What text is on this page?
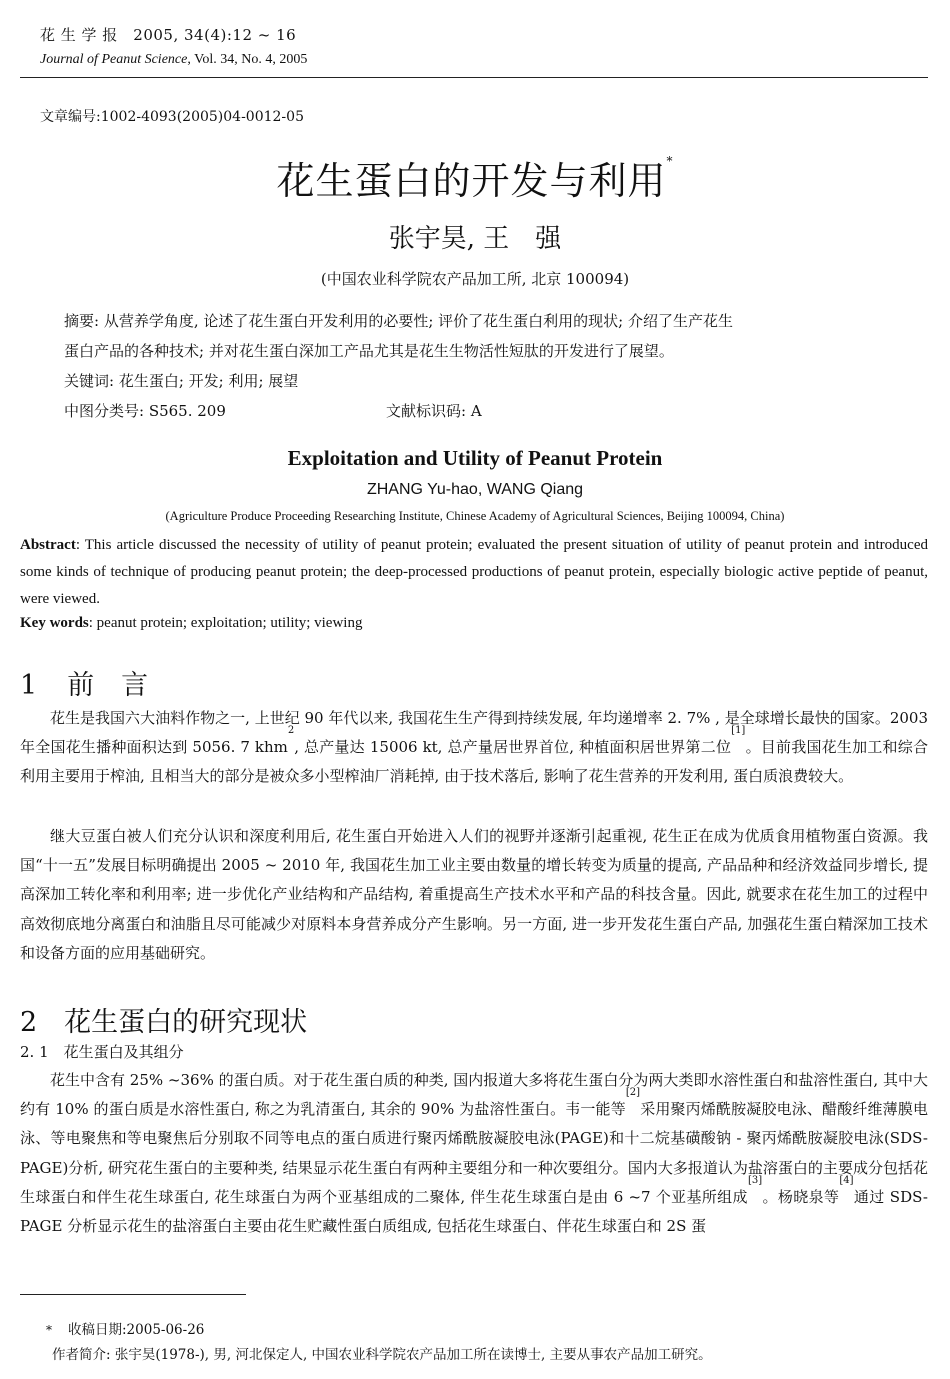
花 生 学 报　2005, 34(4):12 ~ 16
Journal of Peanut Science, Vol. 34, No. 4, 2005
文章编号:1002-4093(2005)04-0012-05
花生蛋白的开发与利用*
张宇昊, 王　强
(中国农业科学院农产品加工所, 北京 100094)
摘要: 从营养学角度, 论述了花生蛋白开发利用的必要性; 评价了花生蛋白利用的现状; 介绍了生产花生
蛋白产品的各种技术; 并对花生蛋白深加工产品尤其是花生生物活性短肽的开发进行了展望。
关键词: 花生蛋白; 开发; 利用; 展望
中图分类号: S565. 209	文献标识码: A
Exploitation and Utility of Peanut Protein
ZHANG Yu-hao, WANG Qiang
(Agriculture Produce Proceeding Researching Institute, Chinese Academy of Agricultural Sciences, Beijing 100094, China)
Abstract: This article discussed the necessity of utility of peanut protein; evaluated the present situation of utility of peanut protein and introduced some kinds of technique of producing peanut protein; the deep-processed productions of peanut protein, especially biologic active peptide of peanut, were viewed.
Key words: peanut protein; exploitation; utility; viewing
1 前　言
花生是我国六大油料作物之一, 上世纪 90 年代以来, 我国花生生产得到持续发展, 年均递增率 2. 7% , 是全球增长最快的国家。2003 年全国花生播种面积达到 5056. 7 khm$^2$, 总产量达 15006 kt, 总产量居世界首位, 种植面积居世界第二位[1]。目前我国花生加工和综合利用主要用于榨油, 且相当大的部分是被众多小型榨油厂消耗掉, 由于技术落后, 影响了花生营养的开发利用, 蛋白质浪费较大。
继大豆蛋白被人们充分认识和深度利用后, 花生蛋白开始进入人们的视野并逐渐引起重视, 花生正在成为优质食用植物蛋白资源。我国“十一五”发展目标明确提出 2005 ~ 2010 年, 我国花生加工业主要由数量的增长转变为质量的提高, 产品品种和经济效益同步增长, 提高深加工转化率和利用率; 进一步优化产业结构和产品结构, 着重提高生产技术水平和产品的科技含量。因此, 就要求在花生加工的过程中高效彻底地分离蛋白和油脂且尽可能减少对原料本身营养成分产生影响。另一方面, 进一步开发花生蛋白产品, 加强花生蛋白精深加工技术和设备方面的应用基础研究。
2　花生蛋白的研究现状
2. 1　花生蛋白及其组分
花生中含有 25% ~36% 的蛋白质。对于花生蛋白质的种类, 国内报道大多将花生蛋白分为两大类即水溶性蛋白和盐溶性蛋白, 其中大约有 10% 的蛋白质是水溶性蛋白, 称之为乳清蛋白, 其余的 90% 为盐溶性蛋白。韦一能等[2]采用聚丙烯酰胺凝胶电泳、醋酸纤维薄膜电泳、等电聚焦和等电聚焦后分别取不同等电点的蛋白质进行聚丙烯酰胺凝胶电泳(PAGE)和十二烷基磺酸钠 - 聚丙烯酰胺凝胶电泳(SDS-PAGE)分析, 研究花生蛋白的主要种类, 结果显示花生蛋白有两种主要组分和一种次要组分。国内大多报道认为盐溶蛋白的主要成分包括花生球蛋白和伴生花生球蛋白, 花生球蛋白为两个亚基组成的二聚体, 伴生花生球蛋白是由 6 ~7 个亚基所组成[3]。杨晓泉等[4]通过 SDS-PAGE 分析显示花生的盐溶蛋白主要由花生贮藏性蛋白质组成, 包括花生球蛋白、伴花生球蛋白和 2S 蛋
* 收稿日期:2005-06-26
作者简介: 张宇昊(1978-), 男, 河北保定人, 中国农业科学院农产品加工所在读博士, 主要从事农产品加工研究。
